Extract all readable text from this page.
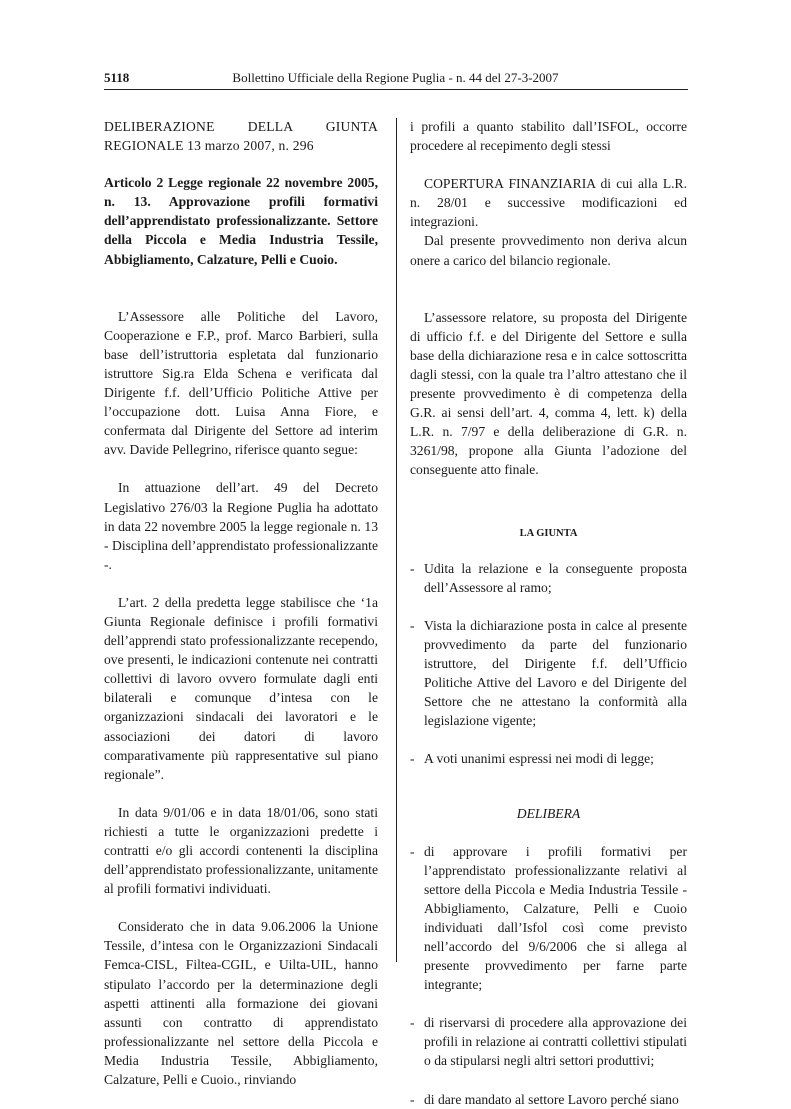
5118	Bollettino Ufficiale della Regione Puglia - n. 44 del 27-3-2007

DELIBERAZIONE DELLA GIUNTA REGIONALE 13 marzo 2007, n. 296

Articolo 2 Legge regionale 22 novembre 2005, n. 13. Approvazione profili formativi dell’apprendistato professionalizzante. Settore della Piccola e Media Industria Tessile, Abbigliamento, Calzature, Pelli e Cuoio.

L’Assessore alle Politiche del Lavoro, Cooperazione e F.P., prof. Marco Barbieri, sulla base dell’istruttoria espletata dal funzionario istruttore Sig.ra Elda Schena e verificata dal Dirigente f.f. dell’Ufficio Politiche Attive per l’occupazione dott. Luisa Anna Fiore, e confermata dal Dirigente del Settore ad interim avv. Davide Pellegrino, riferisce quanto segue:

In attuazione dell’art. 49 del Decreto Legislativo 276/03 la Regione Puglia ha adottato in data 22 novembre 2005 la legge regionale n. 13 - Disciplina dell’apprendistato professionalizzante -.

L’art. 2 della predetta legge stabilisce che ‘1a Giunta Regionale definisce i profili formativi dell’apprendi stato professionalizzante recependo, ove presenti, le indicazioni contenute nei contratti collettivi di lavoro ovvero formulate dagli enti bilaterali e comunque d’intesa con le organizzazioni sindacali dei lavoratori e le associazioni dei datori di lavoro comparativamente più rappresentative sul piano regionale”.

In data 9/01/06 e in data 18/01/06, sono stati richiesti a tutte le organizzazioni predette i contratti e/o gli accordi contenenti la disciplina dell’apprendistato professionalizzante, unitamente al profili formativi individuati.

Considerato che in data 9.06.2006 la Unione Tessile, d’intesa con le Organizzazioni Sindacali Femca-CISL, Filtea-CGIL, e Uilta-UIL, hanno stipulato l’accordo per la determinazione degli aspetti attinenti alla formazione dei giovani assunti con contratto di apprendistato professionalizzante nel settore della Piccola e Media Industria Tessile, Abbigliamento, Calzature, Pelli e Cuoio., rinviando

i profili a quanto stabilito dall’ISFOL, occorre procedere al recepimento degli stessi

COPERTURA FINANZIARIA di cui alla L.R. n. 28/01 e successive modificazioni ed integrazioni.

Dal presente provvedimento non deriva alcun onere a carico del bilancio regionale.

L’assessore relatore, su proposta del Dirigente di ufficio f.f. e del Dirigente del Settore e sulla base della dichiarazione resa e in calce sottoscritta dagli stessi, con la quale tra l’altro attestano che il presente provvedimento è di competenza della G.R. ai sensi dell’art. 4, comma 4, lett. k) della L.R. n. 7/97 e della deliberazione di G.R. n. 3261/98, propone alla Giunta l’adozione del conseguente atto finale.

LA GIUNTA

- Udita la relazione e la conseguente proposta dell’Assessore al ramo;

- Vista la dichiarazione posta in calce al presente provvedimento da parte del funzionario istruttore, del Dirigente f.f. dell’Ufficio Politiche Attive del Lavoro e del Dirigente del Settore che ne attestano la conformità alla legislazione vigente;

- A voti unanimi espressi nei modi di legge;

DELIBERA

- di approvare i profili formativi per l’apprendistato professionalizzante relativi al settore della Piccola e Media Industria Tessile - Abbigliamento, Calzature, Pelli e Cuoio individuati dall’Isfol così come previsto nell’accordo del 9/6/2006 che si allega al presente provvedimento per farne parte integrante;

- di riservarsi di procedere alla approvazione dei profili in relazione ai contratti collettivi stipulati o da stipularsi negli altri settori produttivi;

- di dare mandato al settore Lavoro perché siano
